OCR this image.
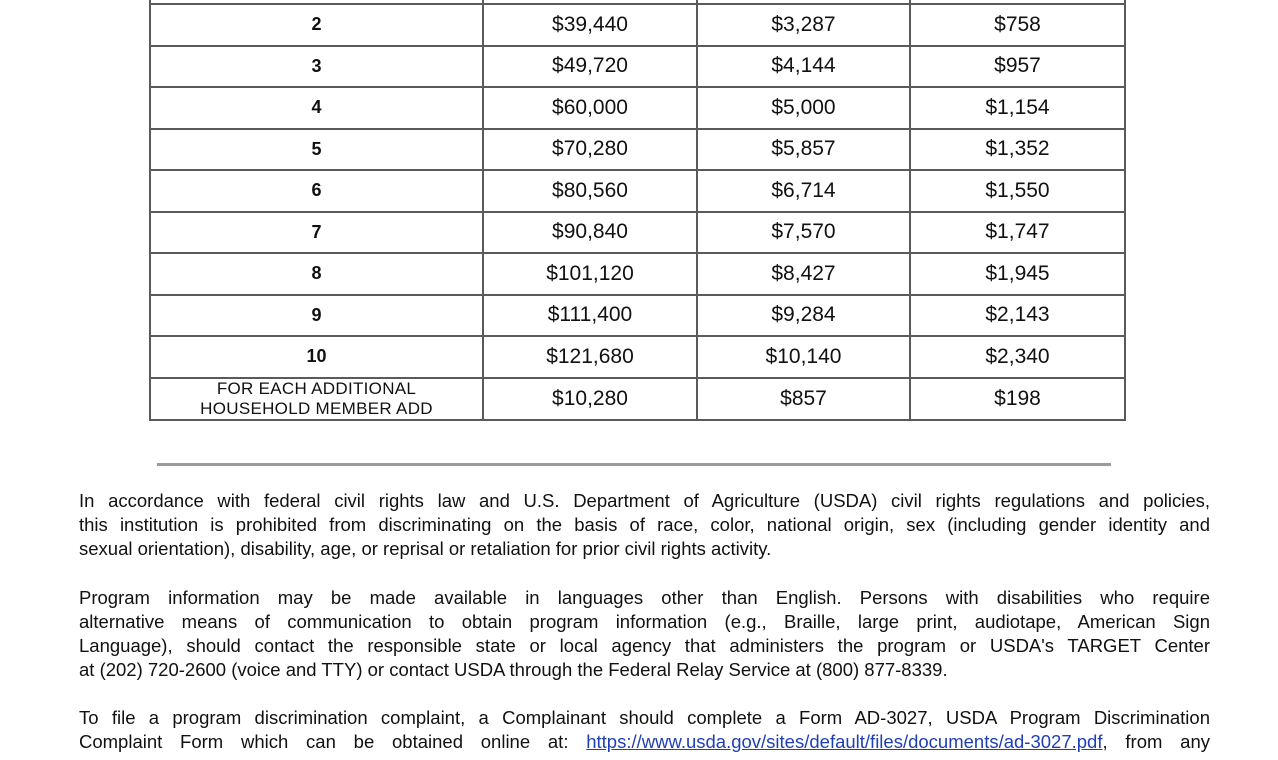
2	$39,440	$3,287	$758
3	$49,720	$4,144	$957
4	$60,000	$5,000	$1,154
5	$70,280	$5,857	$1,352
6	$80,560	$6,714	$1,550
7	$90,840	$7,570	$1,747
8	$101,120	$8,427	$1,945
9	$111,400	$9,284	$2,143
10	$121,680	$10,140	$2,340

FOR EACH ADDITIONAL
HOUSEHOLD MEMBER ADD	$10,280	$857	$198
In accordance with federal civil rights law and U.S. Department of Agriculture (USDA) civil rights regulations and policies,
this institution is prohibited from discriminating on the basis of race, color, national origin, sex (including gender identity and
sexual orientation), disability, age, or reprisal or retaliation for prior civil rights activity.
Program information may be made available in languages other than English. Persons with disabilities who require
alternative means of communication to obtain program information (e.g., Braille, large print, audiotape, American Sign
Language), should contact the responsible state or local agency that administers the program or USDA's TARGET Center
at (202) 720-2600 (voice and TTY) or contact USDA through the Federal Relay Service at (800) 877-8339.
To file a program discrimination complaint, a Complainant should complete a Form AD-3027, USDA Program Discrimination
Complaint Form which can be obtained online at: https://www.usda.gov/sites/default/files/documents/ad-3027.pdf, from any
